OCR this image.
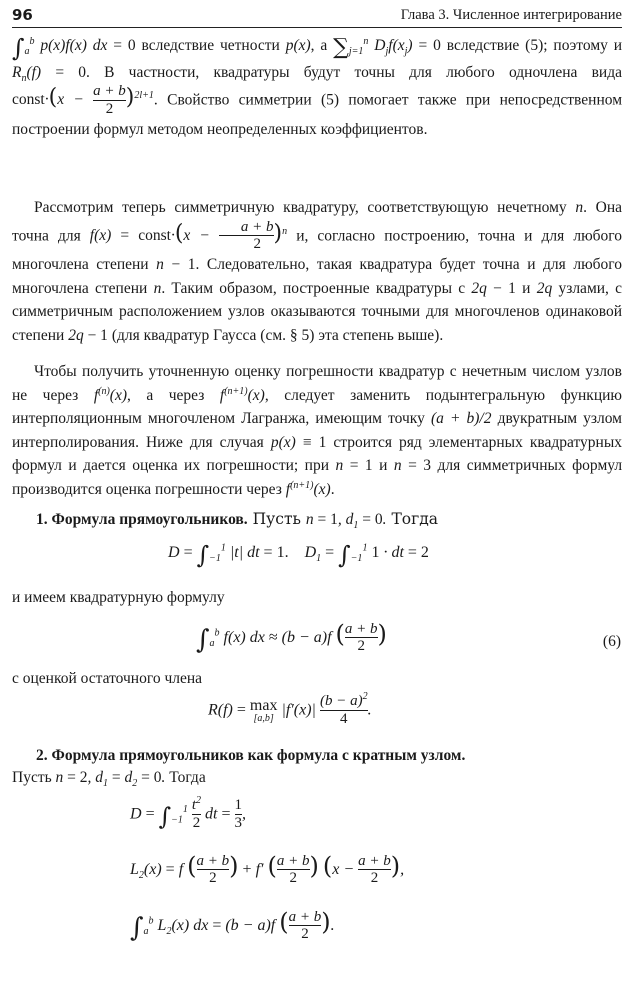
96	Глава 3. Численное интегрирование
$\int_a^b$ p(x)f(x) dx = 0 вследствие четности p(x), а $\sum_{j=1}^n$ $D_jf(x_j) = 0$ вследствие (5); поэтому и $R_n(f) = 0$. В частности, квадратуры будут точны для любого одночлена вида const·(x − $\frac{a + b}{2} )^{2l+1}$. Свойство симметрии (5) помогает также при непосредственном построении формул методом неопределенных коэффициентов.
Рассмотрим теперь симметричную квадратуру, соответствующую нечетному n. Она точна для f(x) = const·(x − $\frac{a + b}{2} )^n$ и, согласно построению, точна и для любого многочлена степени n − 1. Следовательно, такая квадратура будет точна и для любого многочлена степени n. Таким образом, построенные квадратуры с 2q − 1 и 2q узлами, с симметричным расположением узлов оказываются точными для многочленов одинаковой степени 2q − 1 (для квадратур Гаусса (см. § 5) эта степень выше).
Чтобы получить уточненную оценку погрешности квадратур с нечетным числом узлов не через $f^{(n)}(x)$, а через $f^{(n+1)}(x)$, следует заменить подынтегральную функцию интерполяционным многочленом Лагранжа, имеющим точку (a + b)/2 двукратным узлом интерполирования. Ниже для случая p(x) ≡ 1 строится ряд элементарных квадратурных формул и дается оценка их погрешности; при n = 1 и n = 3 для симметричных формул производится оценка погрешности через $f^{(n+1)}(x)$.
1. Формула прямоугольников. Пусть n = 1, $d_1 = 0$. Тогда
$D = \int_{-1}^1$ |t| dt = 1.    $D_1 = \int_{-1}^1$ 1 · dt = 2
и имеем квадратурную формулу
$\int_a^b$ f(x) dx ≈ (b − a)f ( $\frac{a + b}{2}$ )	(6)
с оценкой остаточного члена
R(f) = max
[a,b] $|f'(x)| \frac{(b - a)^2}{4}$ .
2. Формула прямоугольников как формула с кратным узлом.
Пусть n = 2, $d_1 = d_2 = 0$. Тогда
$D = \int_{-1}^1 \frac{t^2}{2}$ dt = $\frac{1}{3}$ ,
$L_2(x) = f$ ( $\frac{a + b}{2}$ ) + f′ ( $\frac{a + b}{2}$ ) ($x - \frac{a + b}{2}$ ),
$\int_a^b$ $L_2(x)$ dx = (b − a)f ( $\frac{a + b}{2}$ ).
